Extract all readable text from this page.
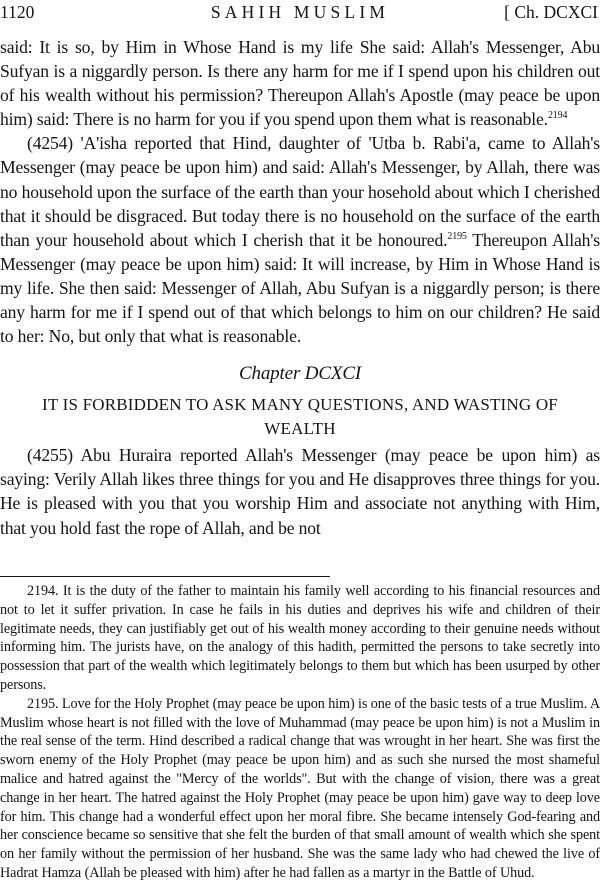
SAHIH MUSLIM
1120	[ Ch. DCXCI

said: It is so, by Him in Whose Hand is my life She said: Allah's Messenger, Abu Sufyan is a niggardly person. Is there any harm for me if I spend upon his children out of his wealth without his permission? Thereupon Allah's Apostle (may peace be upon him) said: There is no harm for you if you spend upon them what is reasonable.$^{2194}$

(4254) 'A'isha reported that Hind, daughter of 'Utba b. Rabi'a, came to Allah's Messenger (may peace be upon him) and said: Allah's Messenger, by Allah, there was no household upon the surface of the earth than your hosehold about which I cherished that it should be disgraced. But today there is no household on the surface of the earth than your household about which I cherish that it be honoured.$^{2195}$ Thereupon Allah's Messenger (may peace be upon him) said: It will increase, by Him in Whose Hand is my life. She then said: Messenger of Allah, Abu Sufyan is a niggardly person; is there any harm for me if I spend out of that which belongs to him on our children? He said to her: No, but only that what is reasonable.

Chapter DCXCI
IT IS FORBIDDEN TO ASK MANY QUESTIONS, AND WASTING OF WEALTH

(4255) Abu Huraira reported Allah's Messenger (may peace be upon him) as saying: Verily Allah likes three things for you and He disapproves three things for you. He is pleased with you that you worship Him and associate not anything with Him, that you hold fast the rope of Allah, and be not

2194. It is the duty of the father to maintain his family well according to his financial resources and not to let it suffer privation. In case he fails in his duties and deprives his wife and children of their legitimate needs, they can justifiably get out of his wealth money according to their genuine needs without informing him. The jurists have, on the analogy of this hadith, permitted the persons to take secretly into possession that part of the wealth which legitimately belongs to them but which has been usurped by other persons.

2195. Love for the Holy Prophet (may peace be upon him) is one of the basic tests of a true Muslim. A Muslim whose heart is not filled with the love of Muhammad (may peace be upon him) is not a Muslim in the real sense of the term. Hind described a radical change that was wrought in her heart. She was first the sworn enemy of the Holy Prophet (may peace be upon him) and as such she nursed the most shameful malice and hatred against the "Mercy of the worlds". But with the change of vision, there was a great change in her heart. The hatred against the Holy Prophet (may peace be upon him) gave way to deep love for him. This change had a wonderful effect upon her moral fibre. She became intensely God-fearing and her conscience became so sensitive that she felt the burden of that small amount of wealth which she spent on her family without the permission of her husband. She was the same lady who had chewed the live of Hadrat Hamza (Allah be pleased with him) after he had fallen as a martyr in the Battle of Uhud.
